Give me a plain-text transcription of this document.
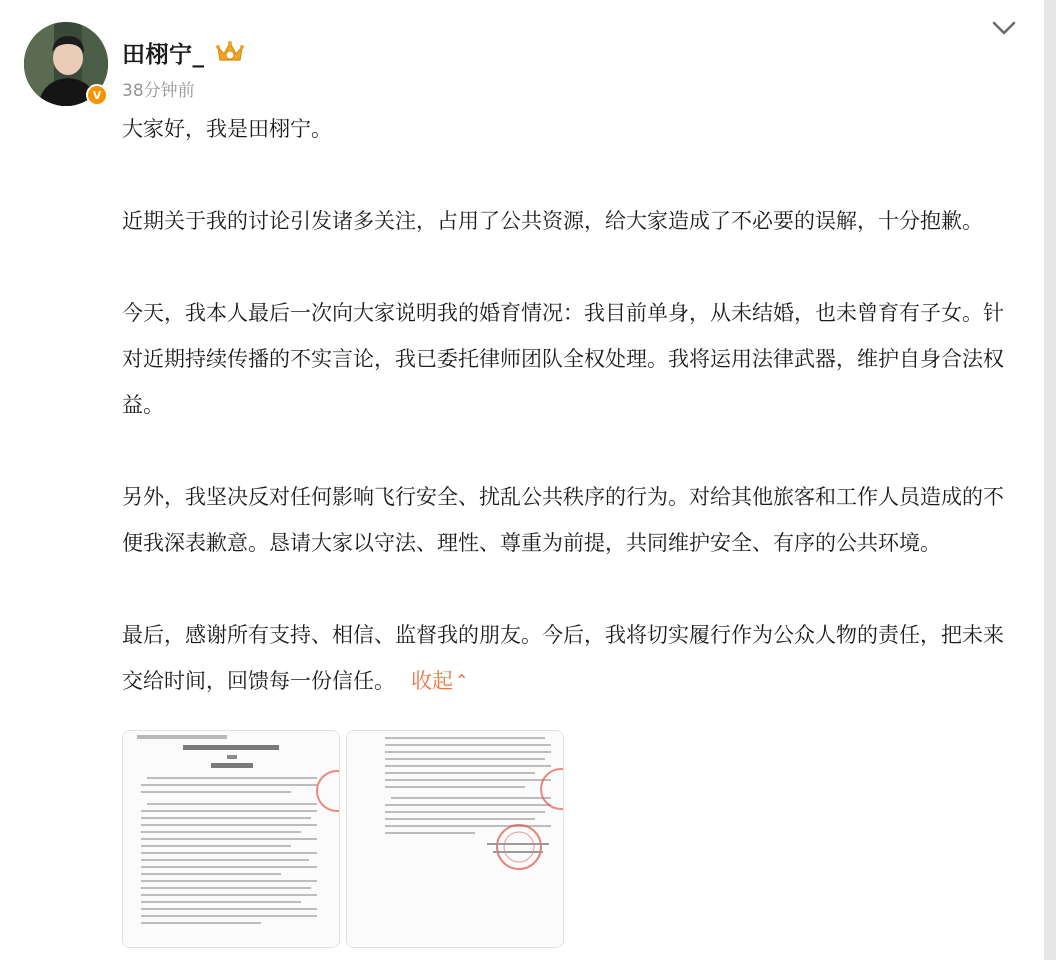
V
田栩宁_
38分钟前

大家好，我是田栩宁。

近期关于我的讨论引发诸多关注，占用了公共资源，给大家造成了不必要的误解，十分抱歉。

今天，我本人最后一次向大家说明我的婚育情况：我目前单身，从未结婚，也未曾育有子女。针对近期持续传播的不实言论，我已委托律师团队全权处理。我将运用法律武器，维护自身合法权益。

另外，我坚决反对任何影响飞行安全、扰乱公共秩序的行为。对给其他旅客和工作人员造成的不便我深表歉意。恳请大家以守法、理性、尊重为前提，共同维护安全、有序的公共环境。

最后，感谢所有支持、相信、监督我的朋友。今后，我将切实履行作为公众人物的责任，把未来交给时间，回馈每一份信任。 收起 ⌃
